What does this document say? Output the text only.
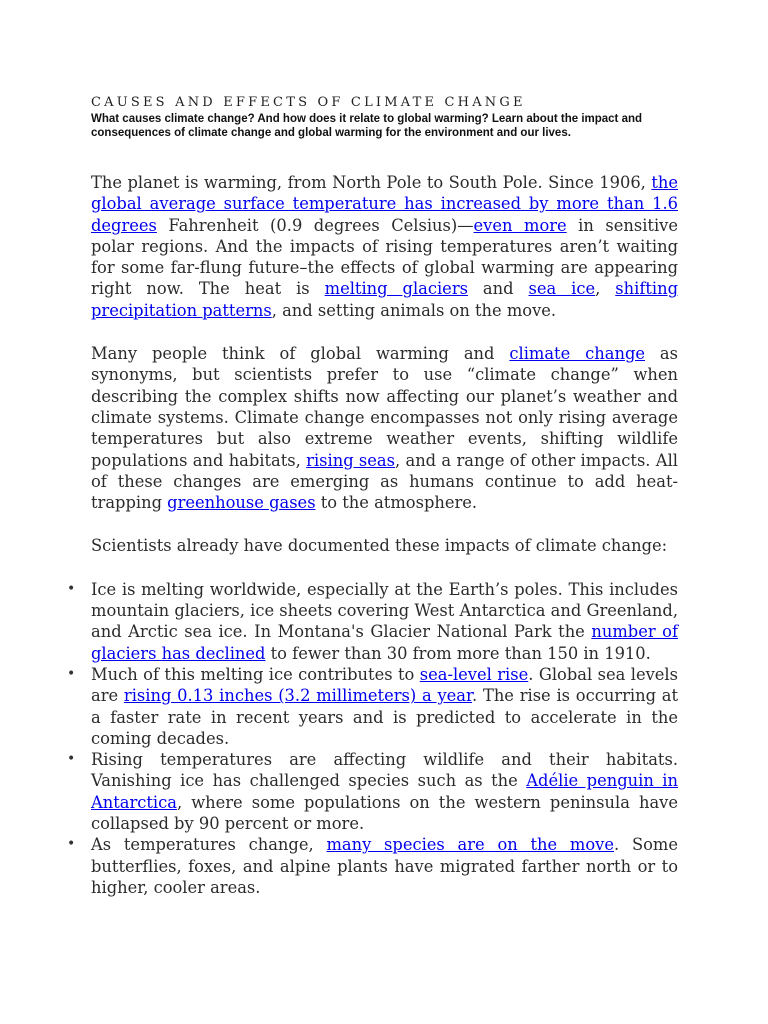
CAUSES AND EFFECTS OF CLIMATE CHANGE

What causes climate change? And how does it relate to global warming? Learn about the impact and consequences of climate change and global warming for the environment and our lives.

The planet is warming, from North Pole to South Pole. Since 1906, the global average surface temperature has increased by more than 1.6 degrees Fahrenheit (0.9 degrees Celsius)—even more in sensitive polar regions. And the impacts of rising temperatures aren’t waiting for some far-flung future–the effects of global warming are appearing right now. The heat is melting glaciers and sea ice, shifting precipitation patterns, and setting animals on the move.

Many people think of global warming and climate change as synonyms, but scientists prefer to use “climate change” when describing the complex shifts now affecting our planet’s weather and climate systems. Climate change encompasses not only rising average temperatures but also extreme weather events, shifting wildlife populations and habitats, rising seas, and a range of other impacts. All of these changes are emerging as humans continue to add heat-trapping greenhouse gases to the atmosphere.

Scientists already have documented these impacts of climate change:

• Ice is melting worldwide, especially at the Earth’s poles. This includes mountain glaciers, ice sheets covering West Antarctica and Greenland, and Arctic sea ice. In Montana's Glacier National Park the number of glaciers has declined to fewer than 30 from more than 150 in 1910.
• Much of this melting ice contributes to sea-level rise. Global sea levels are rising 0.13 inches (3.2 millimeters) a year. The rise is occurring at a faster rate in recent years and is predicted to accelerate in the coming decades.
• Rising temperatures are affecting wildlife and their habitats. Vanishing ice has challenged species such as the Adélie penguin in Antarctica, where some populations on the western peninsula have collapsed by 90 percent or more.
• As temperatures change, many species are on the move. Some butterflies, foxes, and alpine plants have migrated farther north or to higher, cooler areas.
